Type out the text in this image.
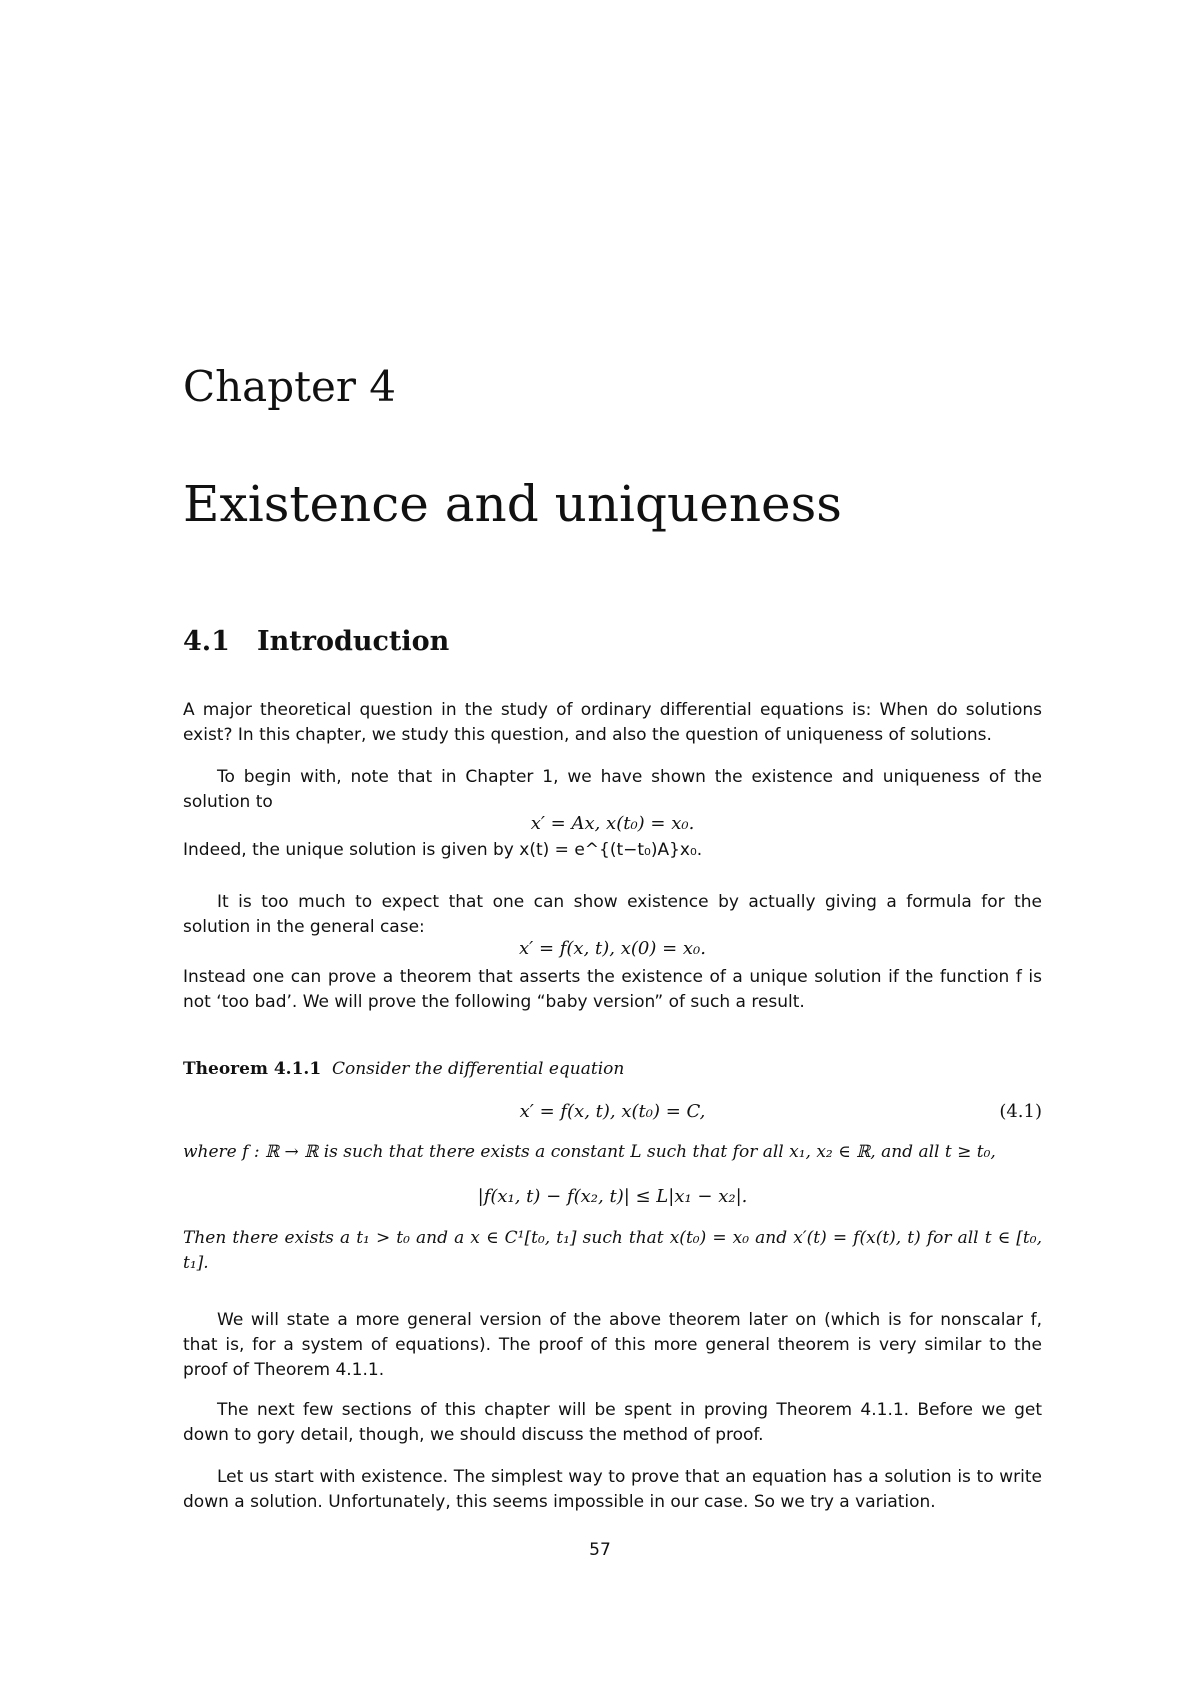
Chapter 4
Existence and uniqueness
4.1 Introduction
A major theoretical question in the study of ordinary differential equations is: When do solutions exist? In this chapter, we study this question, and also the question of uniqueness of solutions.
To begin with, note that in Chapter 1, we have shown the existence and uniqueness of the solution to
x′ = Ax, x(t₀) = x₀.
Indeed, the unique solution is given by x(t) = e^{(t−t₀)A}x₀.
It is too much to expect that one can show existence by actually giving a formula for the solution in the general case:
x′ = f(x, t), x(0) = x₀.
Instead one can prove a theorem that asserts the existence of a unique solution if the function f is not ‘too bad’. We will prove the following “baby version” of such a result.
Theorem 4.1.1 Consider the differential equation
x′ = f(x, t), x(t₀) = C,	(4.1)
where f : ℝ → ℝ is such that there exists a constant L such that for all x₁, x₂ ∈ ℝ, and all t ≥ t₀,
|f(x₁, t) − f(x₂, t)| ≤ L|x₁ − x₂|.
Then there exists a t₁ > t₀ and a x ∈ C¹[t₀, t₁] such that x(t₀) = x₀ and x′(t) = f(x(t), t) for all t ∈ [t₀, t₁].
We will state a more general version of the above theorem later on (which is for nonscalar f, that is, for a system of equations). The proof of this more general theorem is very similar to the proof of Theorem 4.1.1.
The next few sections of this chapter will be spent in proving Theorem 4.1.1. Before we get down to gory detail, though, we should discuss the method of proof.
Let us start with existence. The simplest way to prove that an equation has a solution is to write down a solution. Unfortunately, this seems impossible in our case. So we try a variation.
57
